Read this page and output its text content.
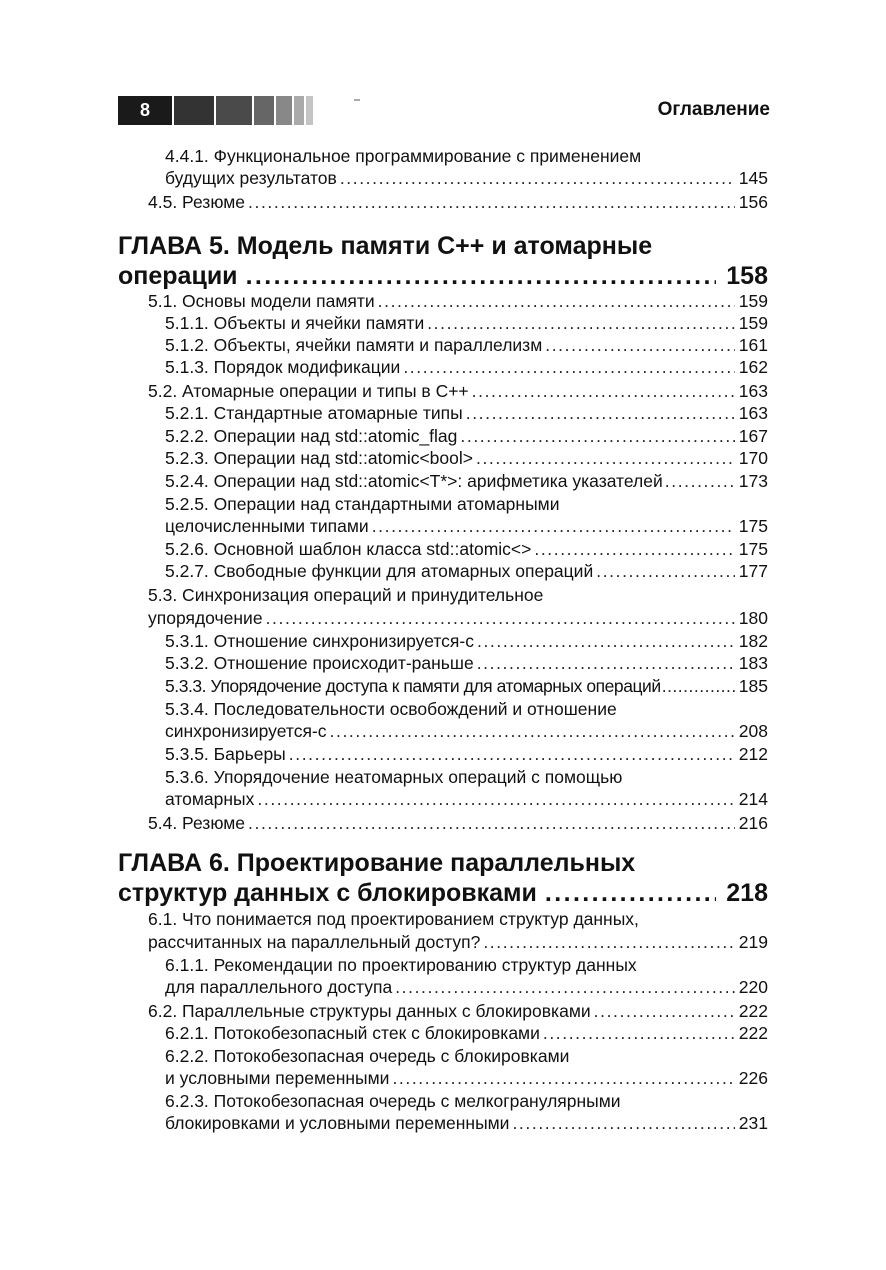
8	Оглавление
4.4.1. Функциональное программирование с применением
будущих результатов .....	145
4.5. Резюме .....	156
ГЛАВА 5. Модель памяти C++ и атомарные
операции .....	158
5.1. Основы модели памяти .....	159
5.1.1. Объекты и ячейки памяти .....	159
5.1.2. Объекты, ячейки памяти и параллелизм .....	161
5.1.3. Порядок модификации .....	162
5.2. Атомарные операции и типы в C++ .....	163
5.2.1. Стандартные атомарные типы .....	163
5.2.2. Операции над std::atomic_flag .....	167
5.2.3. Операции над std::atomic<bool> .....	170
5.2.4. Операции над std::atomic<T*>: арифметика указателей .....	173
5.2.5. Операции над стандартными атомарными
целочисленными типами .....	175
5.2.6. Основной шаблон класса std::atomic<> .....	175
5.2.7. Свободные функции для атомарных операций .....	177
5.3. Синхронизация операций и принудительное
упорядочение .....	180
5.3.1. Отношение синхронизируется-с .....	182
5.3.2. Отношение происходит-раньше .....	183
5.3.3. Упорядочение доступа к памяти для атомарных операций .....	185
5.3.4. Последовательности освобождений и отношение
синхронизируется-с .....	208
5.3.5. Барьеры .....	212
5.3.6. Упорядочение неатомарных операций с помощью
атомарных .....	214
5.4. Резюме .....	216
ГЛАВА 6. Проектирование параллельных
структур данных с блокировками .....	218
6.1. Что понимается под проектированием структур данных,
рассчитанных на параллельный доступ? .....	219
6.1.1. Рекомендации по проектированию структур данных
для параллельного доступа .....	220
6.2. Параллельные структуры данных с блокировками .....	222
6.2.1. Потокобезопасный стек с блокировками .....	222
6.2.2. Потокобезопасная очередь с блокировками
и условными переменными .....	226
6.2.3. Потокобезопасная очередь с мелкогранулярными
блокировками и условными переменными .....	231
